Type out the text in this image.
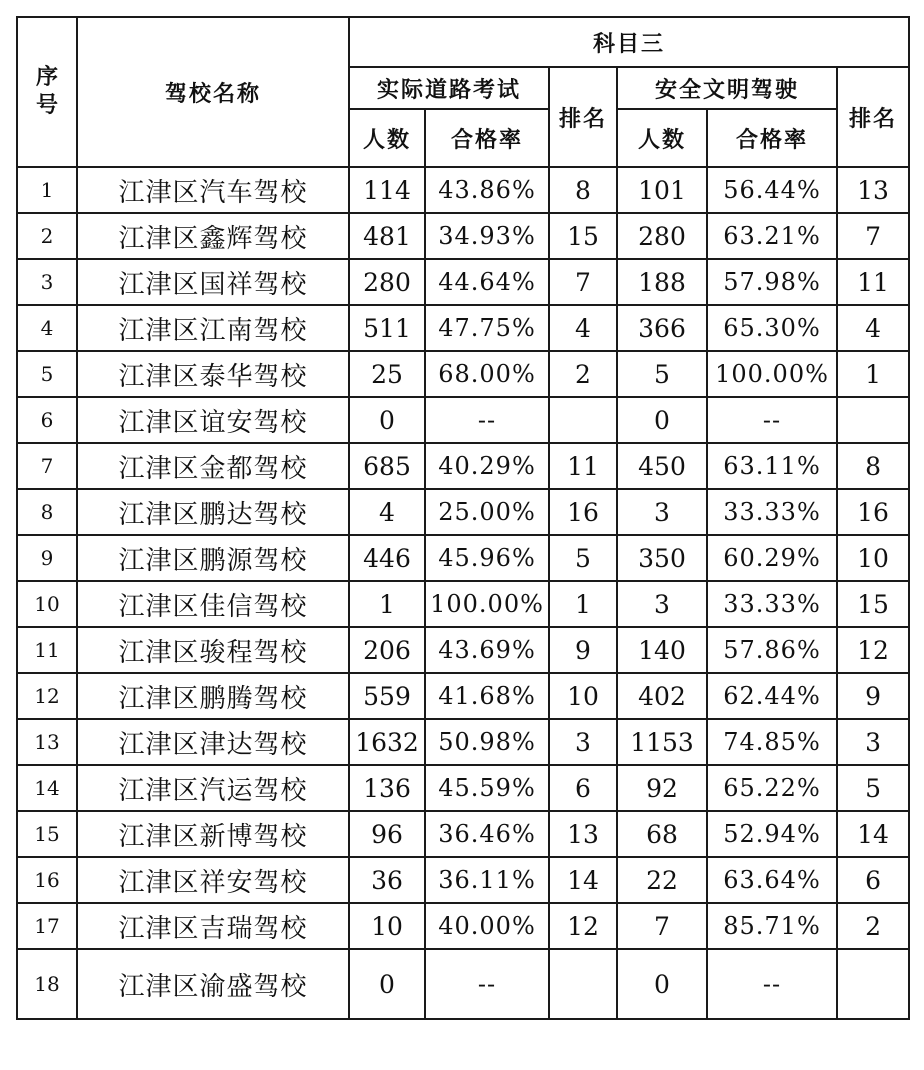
序号	驾校名称	科目三					
		实际道路考试		排名	安全文明驾驶		排名
		人数	合格率		人数	合格率	
1	江津区汽车驾校	114	43.86%	8	101	56.44%	13
2	江津区鑫辉驾校	481	34.93%	15	280	63.21%	7
3	江津区国祥驾校	280	44.64%	7	188	57.98%	11
4	江津区江南驾校	511	47.75%	4	366	65.30%	4
5	江津区泰华驾校	25	68.00%	2	5	100.00%	1
6	江津区谊安驾校	0	--		0	--	
7	江津区金都驾校	685	40.29%	11	450	63.11%	8
8	江津区鹏达驾校	4	25.00%	16	3	33.33%	16
9	江津区鹏源驾校	446	45.96%	5	350	60.29%	10
10	江津区佳信驾校	1	100.00%	1	3	33.33%	15
11	江津区骏程驾校	206	43.69%	9	140	57.86%	12
12	江津区鹏腾驾校	559	41.68%	10	402	62.44%	9
13	江津区津达驾校	1632	50.98%	3	1153	74.85%	3
14	江津区汽运驾校	136	45.59%	6	92	65.22%	5
15	江津区新博驾校	96	36.46%	13	68	52.94%	14
16	江津区祥安驾校	36	36.11%	14	22	63.64%	6
17	江津区吉瑞驾校	10	40.00%	12	7	85.71%	2
18	江津区渝盛驾校	0	--		0	--	
